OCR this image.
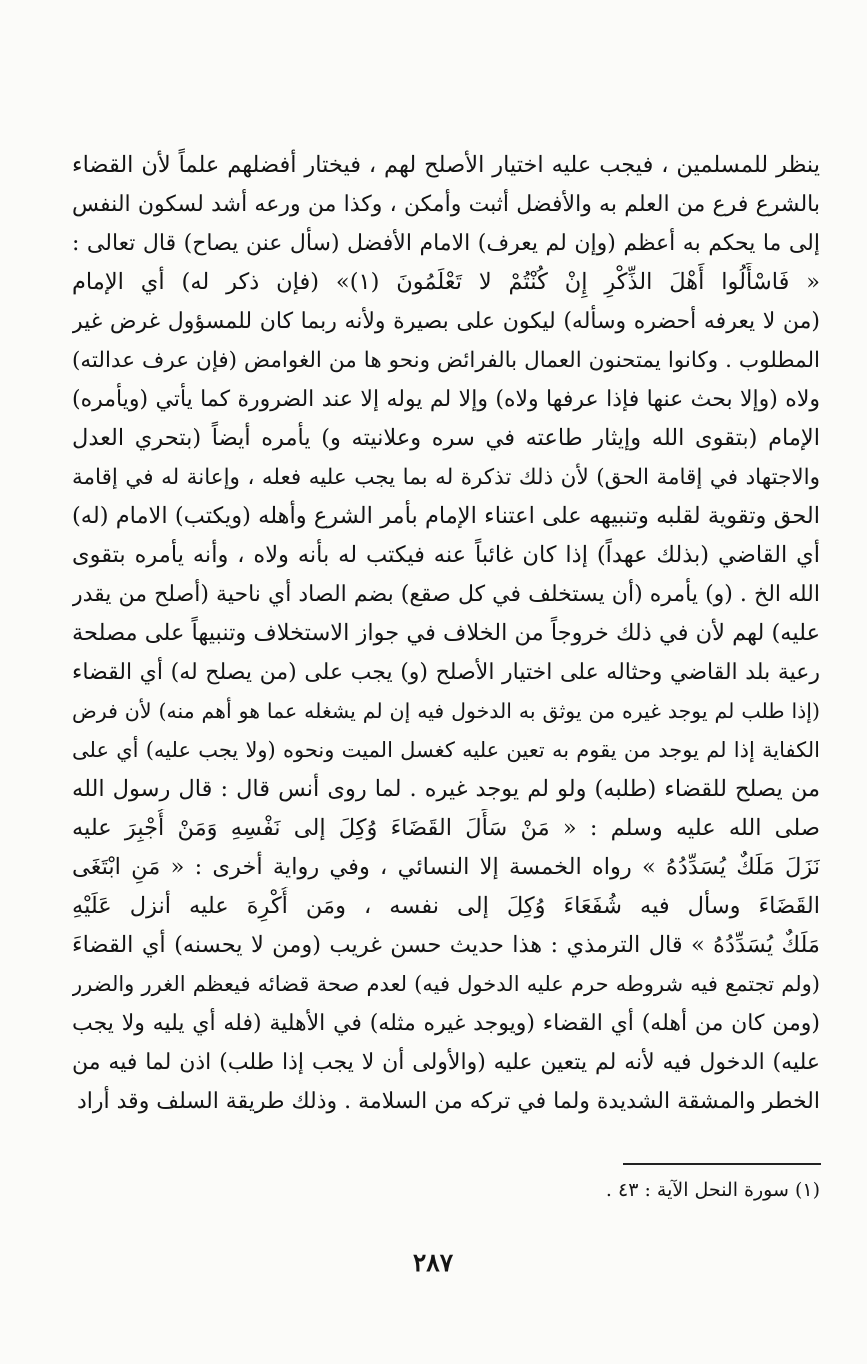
ينظر للمسلمين ، فيجب عليه اختيار الأصلح لهم ، فيختار أفضلهم علماً لأن القضاء
بالشرع فرع من العلم به والأفضل أثبت وأمكن ، وكذا من ورعه أشد لسكون النفس
إلى ما يحكم به أعظم (وإن لم يعرف) الامام الأفضل (سأل عنن يصاح) قال تعالى :
« فَاسْأَلُوا أَهْلَ الذِّكْرِ إِنْ كُنْتُمْ لا تَعْلَمُونَ (١)» (فإن ذكر له) أي الإمام
(من لا يعرفه أحضره وسأله) ليكون على بصيرة ولأنه ربما كان للمسؤول غرض غير
المطلوب . وكانوا يمتحنون العمال بالفرائض ونحو ها من الغوامض (فإن عرف عدالته)
ولاه (وإلا بحث عنها فإذا عرفها ولاه) وإلا لم يوله إلا عند الضرورة كما يأتي (ويأمره)
الإمام (بتقوى الله وإيثار طاعته في سره وعلانيته و) يأمره أيضاً (بتحري العدل
والاجتهاد في إقامة الحق) لأن ذلك تذكرة له بما يجب عليه فعله ، وإعانة له في إقامة
الحق وتقوية لقلبه وتنبيهه على اعتناء الإمام بأمر الشرع وأهله (ويكتب) الامام (له)
أي القاضي (بذلك عهداً) إذا كان غائباً عنه فيكتب له بأنه ولاه ، وأنه يأمره بتقوى
الله الخ . (و) يأمره (أن يستخلف في كل صقع) بضم الصاد أي ناحية (أصلح من يقدر
عليه) لهم لأن في ذلك خروجاً من الخلاف في جواز الاستخلاف وتنبيهاً على مصلحة
رعية بلد القاضي وحثاله على اختيار الأصلح (و) يجب على (من يصلح له) أي القضاء
(إذا طلب لم يوجد غيره من يوثق به الدخول فيه إن لم يشغله عما هو أهم منه) لأن فرض
الكفاية إذا لم يوجد من يقوم به تعين عليه كغسل الميت ونحوه (ولا يجب عليه) أي على
من يصلح للقضاء (طلبه) ولو لم يوجد غيره . لما روى أنس قال : قال رسول الله
صلى الله عليه وسلم : « مَنْ سَأَلَ القَضَاءَ وُكِلَ إلى نَفْسِهِ وَمَنْ أُجْبِرَ عليه
نَزَلَ مَلَكٌ يُسَدِّدُهُ » رواه الخمسة إلا النسائي ، وفي رواية أخرى : « مَنِ ابْتَغَى
القَضَاءَ وسأل فيه شُفَعَاءَ وُكِلَ إلى نفسه ، ومَن أُكْرِهَ عليه أنزل عَلَيْهِ
مَلَكٌ يُسَدِّدُهُ » قال الترمذي : هذا حديث حسن غريب (ومن لا يحسنه) أي القضاءَ
(ولم تجتمع فيه شروطه حرم عليه الدخول فيه) لعدم صحة قضائه فيعظم الغرر والضرر
(ومن كان من أهله) أي القضاء (ويوجد غيره مثله) في الأهلية (فله أي يليه ولا يجب
عليه) الدخول فيه لأنه لم يتعين عليه (والأولى أن لا يجب إذا طلب) اذن لما فيه من
الخطر والمشقة الشديدة ولما في تركه من السلامة . وذلك طريقة السلف وقد أراد
(١) سورة النحل الآية : ٤٣ .
٢٨٧
